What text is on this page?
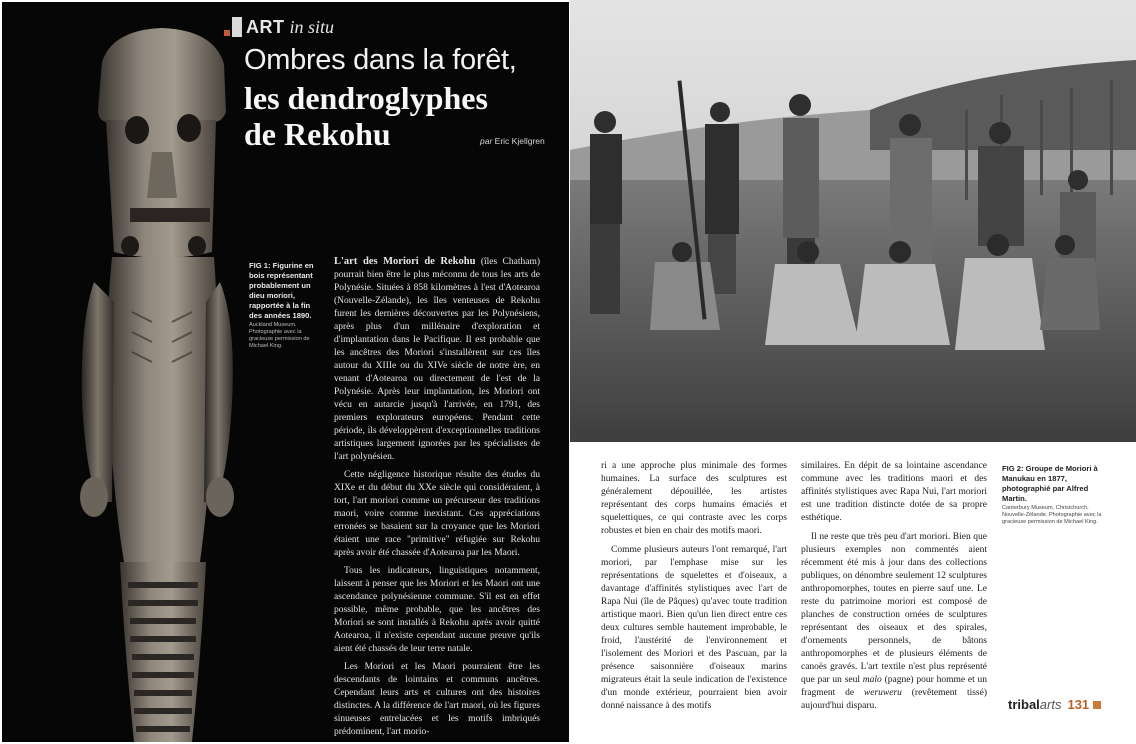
ART in situ
Ombres dans la forêt,
les dendroglyphes
de Rekohu	par Eric Kjellgren
FIG 1: Figurine en bois représentant probablement un dieu moriori, rapportée à la fin des années 1890.
Auckland Museum. Photographie avec la gracieuse permission de Michael King.

L'art des Moriori de Rekohu (îles Chatham) pourrait bien être le plus méconnu de tous les arts de Polynésie. Situées à 858 kilomètres à l'est d'Aotearoa (Nouvelle-Zélande), les îles venteuses de Rekohu furent les dernières découvertes par les Polynésiens, après plus d'un millénaire d'exploration et d'implantation dans le Pacifique. Il est probable que les ancêtres des Moriori s'installèrent sur ces îles autour du XIIIe ou du XIVe siècle de notre ère, en venant d'Aotearoa ou directement de l'est de la Polynésie. Après leur implantation, les Moriori ont vécu en autarcie jusqu'à l'arrivée, en 1791, des premiers explorateurs européens. Pendant cette période, ils développèrent d'exceptionnelles traditions artistiques largement ignorées par les spécialistes de l'art polynésien.

Cette négligence historique résulte des études du XIXe et du début du XXe siècle qui considéraient, à tort, l'art moriori comme un précurseur des traditions maori, voire comme inexistant. Ces appréciations erronées se basaient sur la croyance que les Moriori étaient une race "primitive" réfugiée sur Rekohu après avoir été chassée d'Aotearoa par les Maori.

Tous les indicateurs, linguistiques notamment, laissent à penser que les Moriori et les Maori ont une ascendance polynésienne commune. S'il est en effet possible, même probable, que les ancêtres des Moriori se sont installés à Rekohu après avoir quitté Aotearoa, il n'existe cependant aucune preuve qu'ils aient été chassés de leur terre natale.

Les Moriori et les Maori pourraient être les descendants de lointains et communs ancêtres. Cependant leurs arts et cultures ont des histoires distinctes. A la différence de l'art maori, où les figures sinueuses entrelacées et les motifs imbriqués prédominent, l'art morio-

ri a une approche plus minimale des formes humaines. La surface des sculptures est généralement dépouillée, les artistes représentant des corps humains émaciés et squelettiques, ce qui contraste avec les corps robustes et bien en chair des motifs maori.

Comme plusieurs auteurs l'ont remarqué, l'art moriori, par l'emphase mise sur les représentations de squelettes et d'oiseaux, a davantage d'affinités stylistiques avec l'art de Rapa Nui (île de Pâques) qu'avec toute tradition artistique maori. Bien qu'un lien direct entre ces deux cultures semble hautement improbable, le froid, l'austérité de l'environnement et l'isolement des Moriori et des Pascuan, par la présence saisonnière d'oiseaux marins migrateurs était la seule indication de l'existence d'un monde extérieur, pourraient bien avoir donné naissance à des motifs

similaires. En dépit de sa lointaine ascendance commune avec les traditions maori et des affinités stylistiques avec Rapa Nui, l'art moriori est une tradition distincte dotée de sa propre esthétique.

Il ne reste que très peu d'art moriori. Bien que plusieurs exemples non commentés aient récemment été mis à jour dans des collections publiques, on dénombre seulement 12 sculptures anthropomorphes, toutes en pierre sauf une. Le reste du patrimoine moriori est composé de planches de construction ornées de sculptures représentant des oiseaux et des spirales, d'ornements personnels, de bâtons anthropomorphes et de plusieurs éléments de canoës gravés. L'art textile n'est plus représenté que par un seul malo (pagne) pour homme et un fragment de weruweru (revêtement tissé) aujourd'hui disparu.

FIG 2: Groupe de Moriori à Manukau en 1877, photographié par Alfred Martin.
Canterbury Museum, Christchurch, Nouvelle-Zélande. Photographie avec la gracieuse permission de Michael King.
tribal arts 131
